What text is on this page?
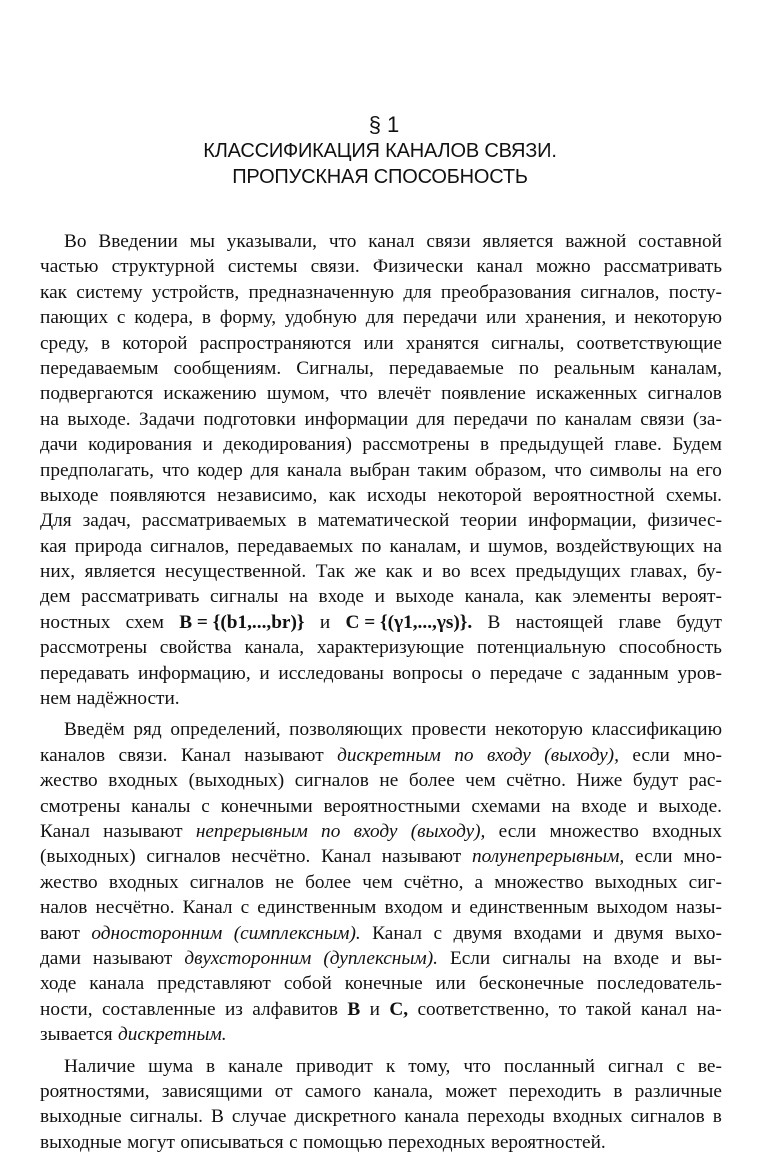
§ 1
КЛАССИФИКАЦИЯ КАНАЛОВ СВЯЗИ.
ПРОПУСКНАЯ СПОСОБНОСТЬ
Во Введении мы указывали, что канал связи является важной составной
частью структурной системы связи. Физически канал можно рассматривать
как систему устройств, предназначенную для преобразования сигналов, посту-
пающих с кодера, в форму, удобную для передачи или хранения, и некоторую
среду, в которой распространяются или хранятся сигналы, соответствующие
передаваемым сообщениям. Сигналы, передаваемые по реальным каналам,
подвергаются искажению шумом, что влечёт появление искаженных сигналов
на выходе. Задачи подготовки информации для передачи по каналам связи (за-
дачи кодирования и декодирования) рассмотрены в предыдущей главе. Будем
предполагать, что кодер для канала выбран таким образом, что символы на его
выходе появляются независимо, как исходы некоторой вероятностной схемы.
Для задач, рассматриваемых в математической теории информации, физичес-
кая природа сигналов, передаваемых по каналам, и шумов, воздействующих на
них, является несущественной. Так же как и во всех предыдущих главах, бу-
дем рассматривать сигналы на входе и выходе канала, как элементы вероят-
ностных схем B = {(b1,...,br)} и C = {(γ1,...,γs)}. В настоящей главе будут
рассмотрены свойства канала, характеризующие потенциальную способность
передавать информацию, и исследованы вопросы о передаче с заданным уров-
нем надёжности.
Введём ряд определений, позволяющих провести некоторую классификацию
каналов связи. Канал называют дискретным по входу (выходу), если мно-
жество входных (выходных) сигналов не более чем счётно. Ниже будут рас-
смотрены каналы с конечными вероятностными схемами на входе и выходе.
Канал называют непрерывным по входу (выходу), если множество входных
(выходных) сигналов несчётно. Канал называют полунепрерывным, если мно-
жество входных сигналов не более чем счётно, а множество выходных сиг-
налов несчётно. Канал с единственным входом и единственным выходом назы-
вают односторонним (симплексным). Канал с двумя входами и двумя выхо-
дами называют двухсторонним (дуплексным). Если сигналы на входе и вы-
ходе канала представляют собой конечные или бесконечные последователь-
ности, составленные из алфавитов B и C, соответственно, то такой канал на-
зывается дискретным.
Наличие шума в канале приводит к тому, что посланный сигнал с ве-
роятностями, зависящими от самого канала, может переходить в различные
выходные сигналы. В случае дискретного канала переходы входных сигналов в
выходные могут описываться с помощью переходных вероятностей.
